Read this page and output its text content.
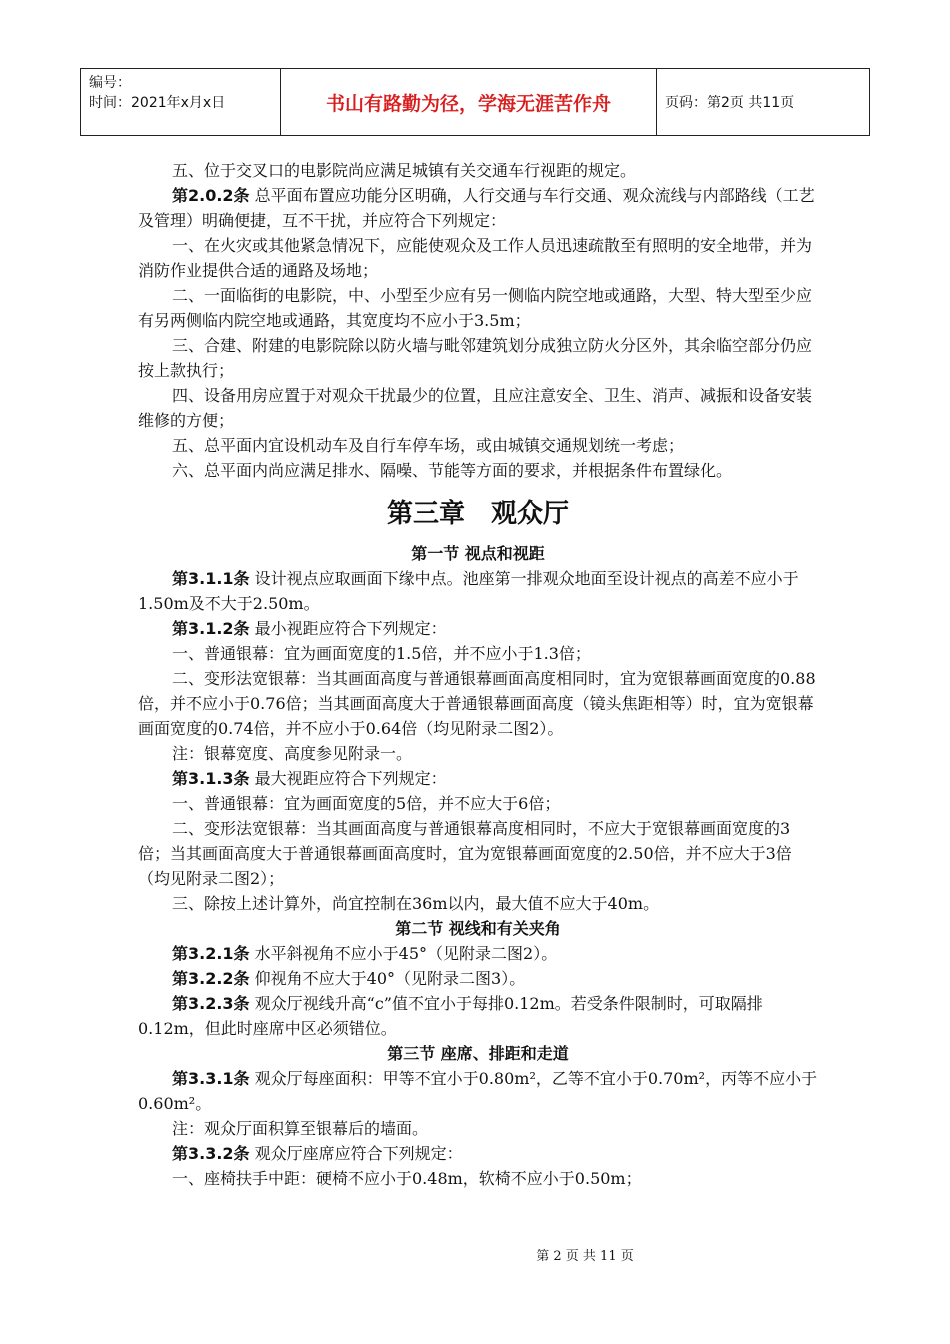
编号：
时间：2021年x月x日	书山有路勤为径，学海无涯苦作舟	页码：第2页 共11页

五、位于交叉口的电影院尚应满足城镇有关交通车行视距的规定。

第2.0.2条 总平面布置应功能分区明确，人行交通与车行交通、观众流线与内部路线（工艺及管理）明确便捷，互不干扰，并应符合下列规定：

一、在火灾或其他紧急情况下，应能使观众及工作人员迅速疏散至有照明的安全地带，并为消防作业提供合适的通路及场地；

二、一面临街的电影院，中、小型至少应有另一侧临内院空地或通路，大型、特大型至少应有另两侧临内院空地或通路，其宽度均不应小于3.5m；

三、合建、附建的电影院除以防火墙与毗邻建筑划分成独立防火分区外，其余临空部分仍应按上款执行；

四、设备用房应置于对观众干扰最少的位置，且应注意安全、卫生、消声、减振和设备安装维修的方便；

五、总平面内宜设机动车及自行车停车场，或由城镇交通规划统一考虑；

六、总平面内尚应满足排水、隔噪、节能等方面的要求，并根据条件布置绿化。

第三章　观众厅
第一节 视点和视距

第3.1.1条 设计视点应取画面下缘中点。池座第一排观众地面至设计视点的高差不应小于1.50m及不大于2.50m。

第3.1.2条 最小视距应符合下列规定：

一、普通银幕：宜为画面宽度的1.5倍，并不应小于1.3倍；

二、变形法宽银幕：当其画面高度与普通银幕画面高度相同时，宜为宽银幕画面宽度的0.88倍，并不应小于0.76倍；当其画面高度大于普通银幕画面高度（镜头焦距相等）时，宜为宽银幕画面宽度的0.74倍，并不应小于0.64倍（均见附录二图2）。

注：银幕宽度、高度参见附录一。

第3.1.3条 最大视距应符合下列规定：

一、普通银幕：宜为画面宽度的5倍，并不应大于6倍；

二、变形法宽银幕：当其画面高度与普通银幕高度相同时，不应大于宽银幕画面宽度的3倍；当其画面高度大于普通银幕画面高度时，宜为宽银幕画面宽度的2.50倍，并不应大于3倍（均见附录二图2）；

三、除按上述计算外，尚宜控制在36m以内，最大值不应大于40m。

第二节 视线和有关夹角

第3.2.1条 水平斜视角不应小于45°（见附录二图2）。

第3.2.2条 仰视角不应大于40°（见附录二图3）。

第3.2.3条 观众厅视线升高“c”值不宜小于每排0.12m。若受条件限制时，可取隔排0.12m，但此时座席中区必须错位。

第三节 座席、排距和走道

第3.3.1条 观众厅每座面积：甲等不宜小于0.80m²，乙等不宜小于0.70m²，丙等不应小于0.60m²。

注：观众厅面积算至银幕后的墙面。

第3.3.2条 观众厅座席应符合下列规定：

一、座椅扶手中距：硬椅不应小于0.48m，软椅不应小于0.50m；

第 2 页 共 11 页
